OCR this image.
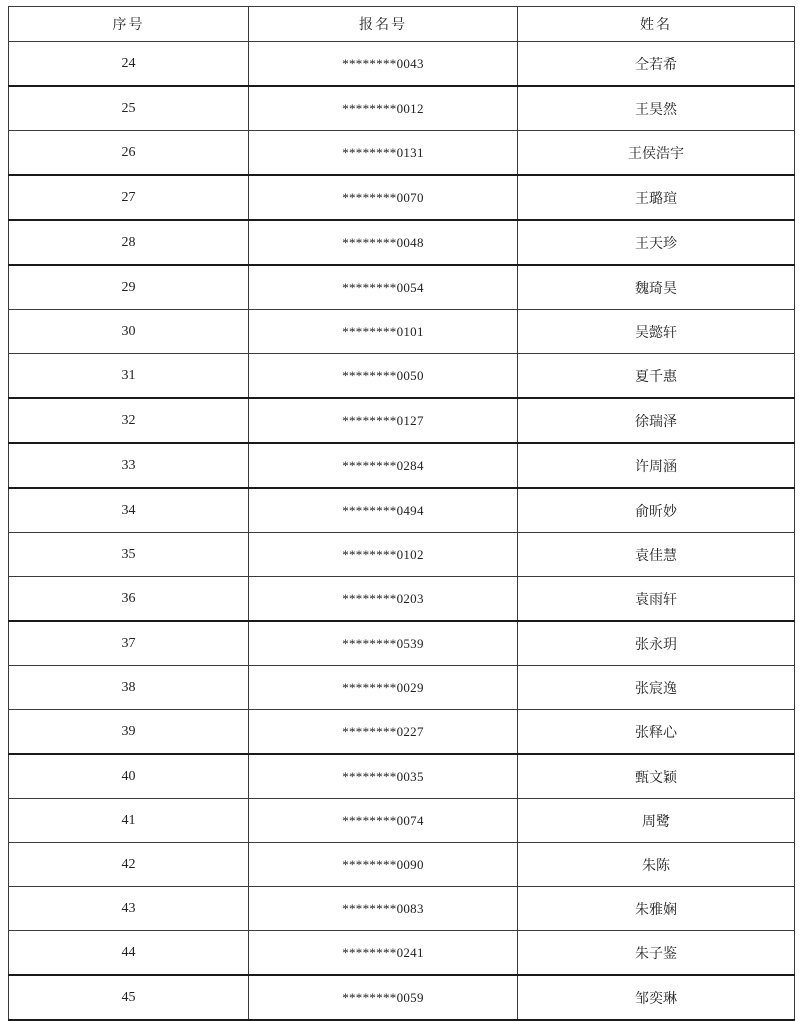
序号	报名号	姓名
24	********0043	仝若希
25	********0012	王昊然
26	********0131	王侯浩宇
27	********0070	王璐瑄
28	********0048	王天珍
29	********0054	魏琦昊
30	********0101	吴懿轩
31	********0050	夏千惠
32	********0127	徐瑞泽
33	********0284	许周涵
34	********0494	俞昕妙
35	********0102	袁佳慧
36	********0203	袁雨轩
37	********0539	张永玥
38	********0029	张宸逸
39	********0227	张释心
40	********0035	甄文颖
41	********0074	周鹭
42	********0090	朱陈
43	********0083	朱雅娴
44	********0241	朱子鉴
45	********0059	邹奕琳
